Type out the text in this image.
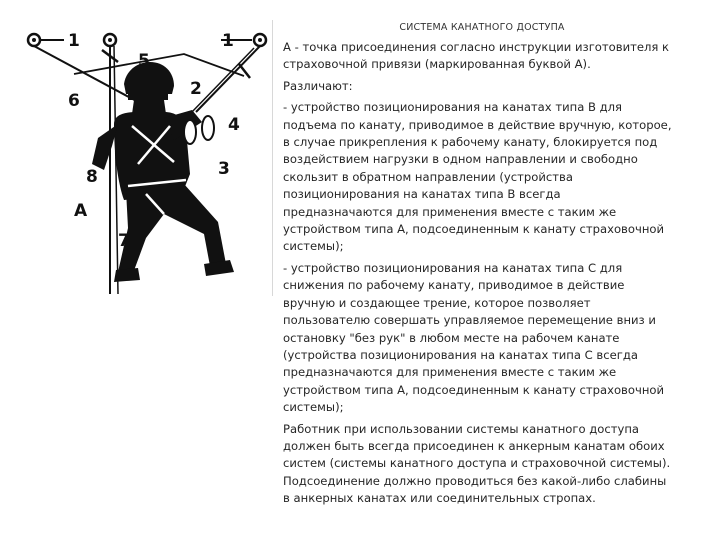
1	1
5
6
2
4
3
8
A
7
СИСТЕМА КАНАТНОГО ДОСТУПА

А - точка присоединения согласно инструкции изготовителя к страховочной привязи (маркированная буквой А).

Различают:

- устройство позиционирования на канатах типа В для подъема по канату, приводимое в действие вручную, которое, в случае прикрепления к рабочему канату, блокируется под воздействием нагрузки в одном направлении и свободно скользит в обратном направлении (устройства позиционирования на канатах типа В всегда предназначаются для применения вместе с таким же устройством типа А, подсоединенным к канату страховочной системы);

- устройство позиционирования на канатах типа С для снижения по рабочему канату, приводимое в действие вручную и создающее трение, которое позволяет пользователю совершать управляемое перемещение вниз и остановку "без рук" в любом месте на рабочем канате (устройства позиционирования на канатах типа С всегда предназначаются для применения вместе с таким же устройством типа А, подсоединенным к канату страховочной системы);

Работник при использовании системы канатного доступа должен быть всегда присоединен к анкерным канатам обоих систем (системы канатного доступа и страховочной системы). Подсоединение должно проводиться без какой-либо слабины в анкерных канатах или соединительных стропах.
